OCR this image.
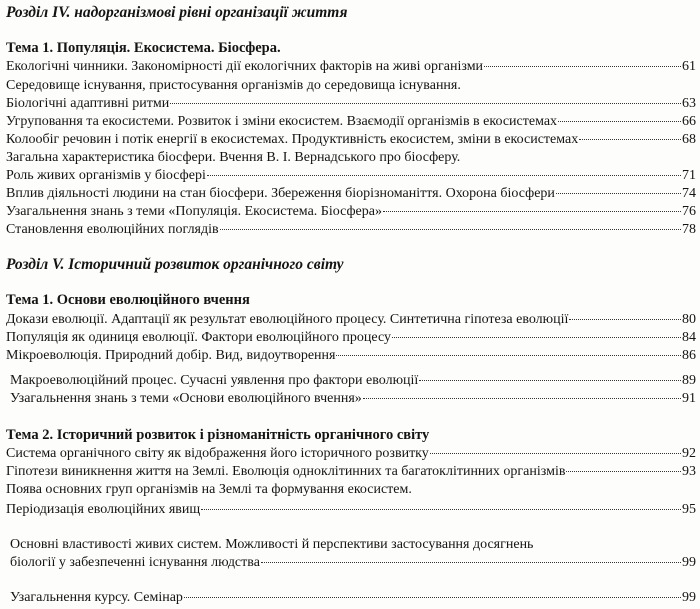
Розділ IV. надорганізмові рівні організації життя
Тема 1. Популяція. Екосистема. Біосфера.
Екологічні чинники. Закономірності дії екологічних факторів на живі організми	61
Середовище існування, пристосування організмів до середовища існування.
Біологічні адаптивні ритми	63
Угруповання та екосистеми. Розвиток і зміни екосистем. Взаємодії організмів в екосистемах	66
Колообіг речовин і потік енергії в екосистемах. Продуктивність екосистем, зміни в екосистемах	68
Загальна характеристика біосфери. Вчення В. І. Вернадського про біосферу.
Роль живих організмів у біосфері	71
Вплив діяльності людини на стан біосфери. Збереження біорізноманіття. Охорона біосфери	74
Узагальнення знань з теми «Популяція. Екосистема. Біосфера»	76
Становлення еволюційних поглядів	78
Розділ V. Історичний розвиток органічного світу
Тема 1. Основи еволюційного вчення
Докази еволюції. Адаптації як результат еволюційного процесу. Синтетична гіпотеза еволюції	80
Популяція як одиниця еволюції. Фактори еволюційного процесу	84
Мікроеволюція. Природний добір. Вид, видоутворення	86
Макроеволюційний процес. Сучасні уявлення про фактори еволюції	89
Узагальнення знань з теми «Основи еволюційного вчення»	91
Тема 2. Історичний розвиток і різноманітність органічного світу
Система органічного світу як відображення його історичного розвитку	92
Гіпотези виникнення життя на Землі. Еволюція одноклітинних та багатоклітинних організмів	93
Поява основних груп організмів на Землі та формування екосистем.
Періодизація еволюційних явищ	95
Основні властивості живих систем. Можливості й перспективи застосування досягнень
біології у забезпеченні існування людства	99
Узагальнення курсу. Семінар	99
